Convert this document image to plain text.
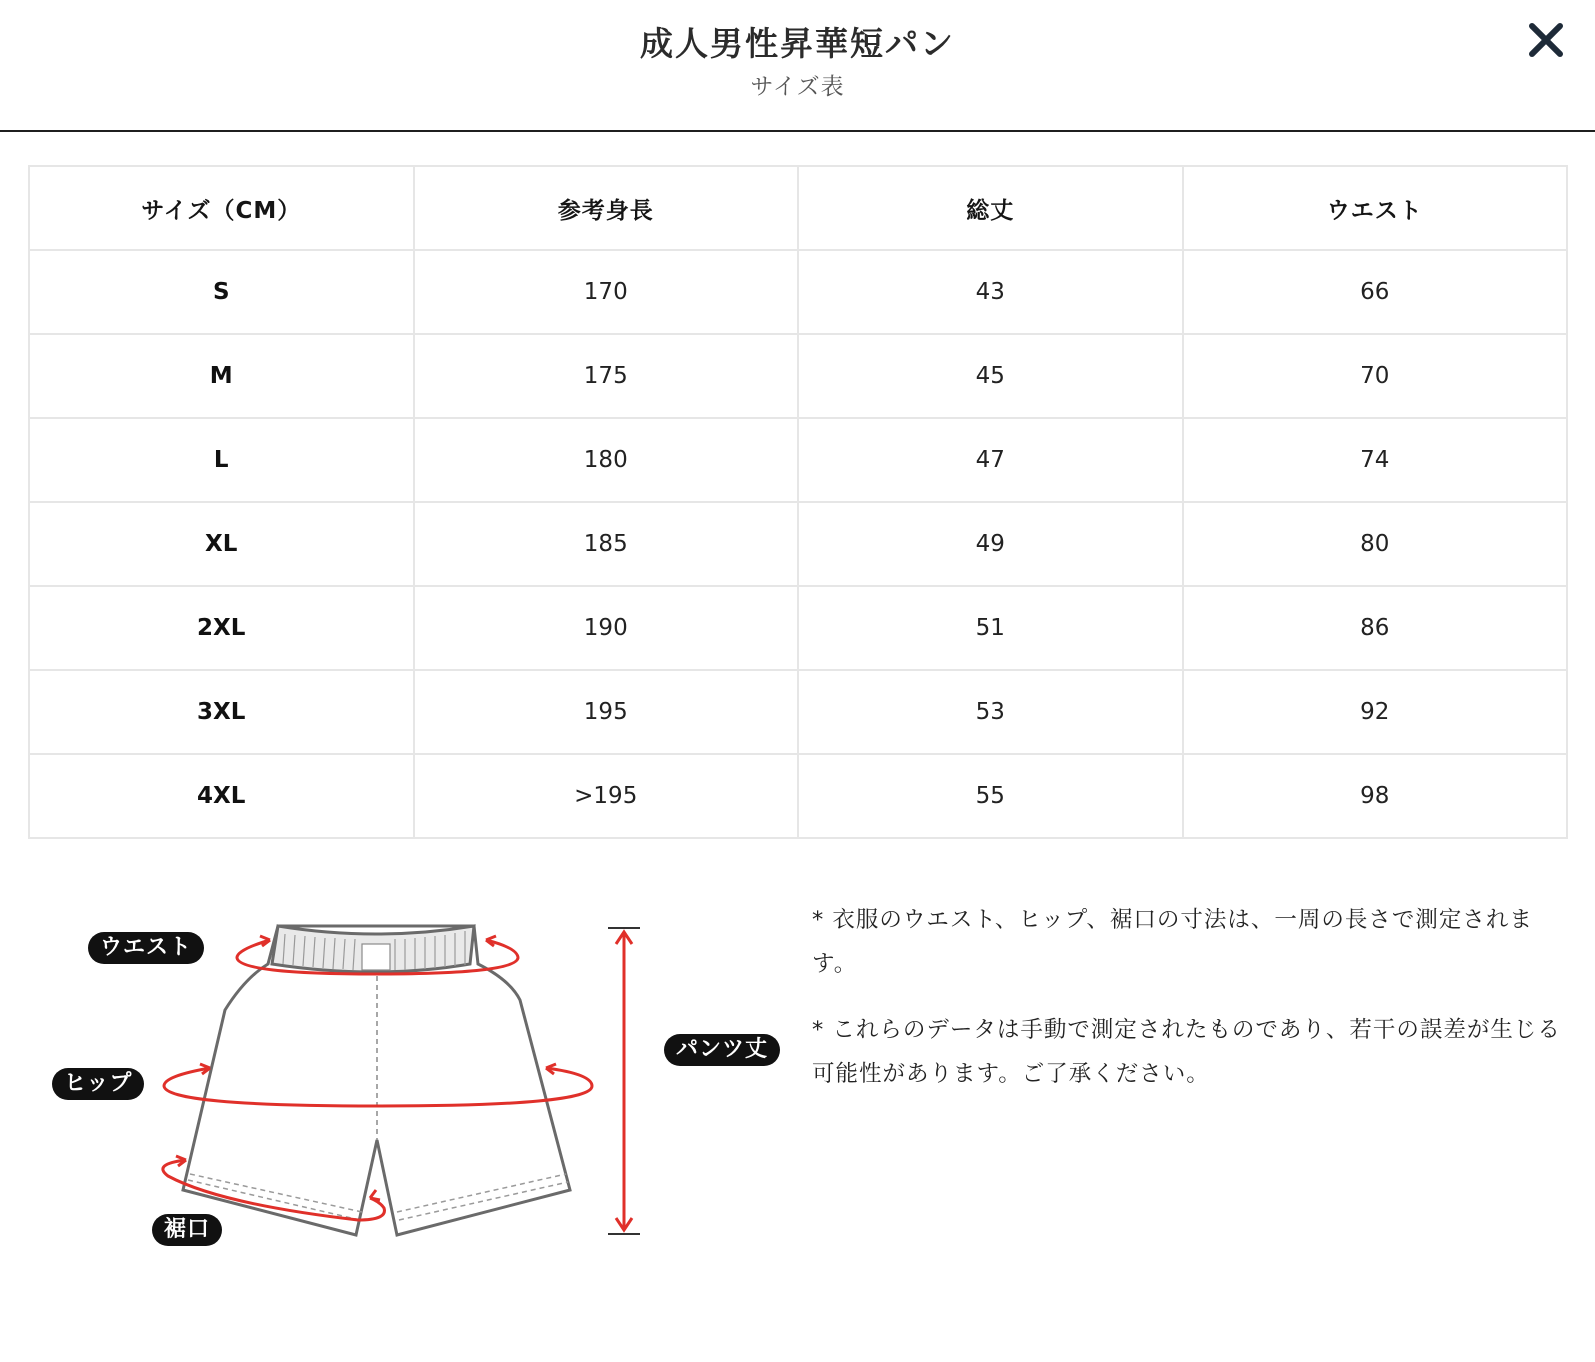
成人男性昇華短パン
サイズ表
サイズ（CM）	参考身長	総丈	ウエスト
S	170	43	66
M	175	45	70
L	180	47	74
XL	185	49	80
2XL	190	51	86
3XL	195	53	92
4XL	>195	55	98
ウエスト
ヒップ
裾口
パンツ丈

* 衣服のウエスト、ヒップ、裾口の寸法は、一周の長さで測定されます。

* これらのデータは手動で測定されたものであり、若干の誤差が生じる可能性があります。ご了承ください。
